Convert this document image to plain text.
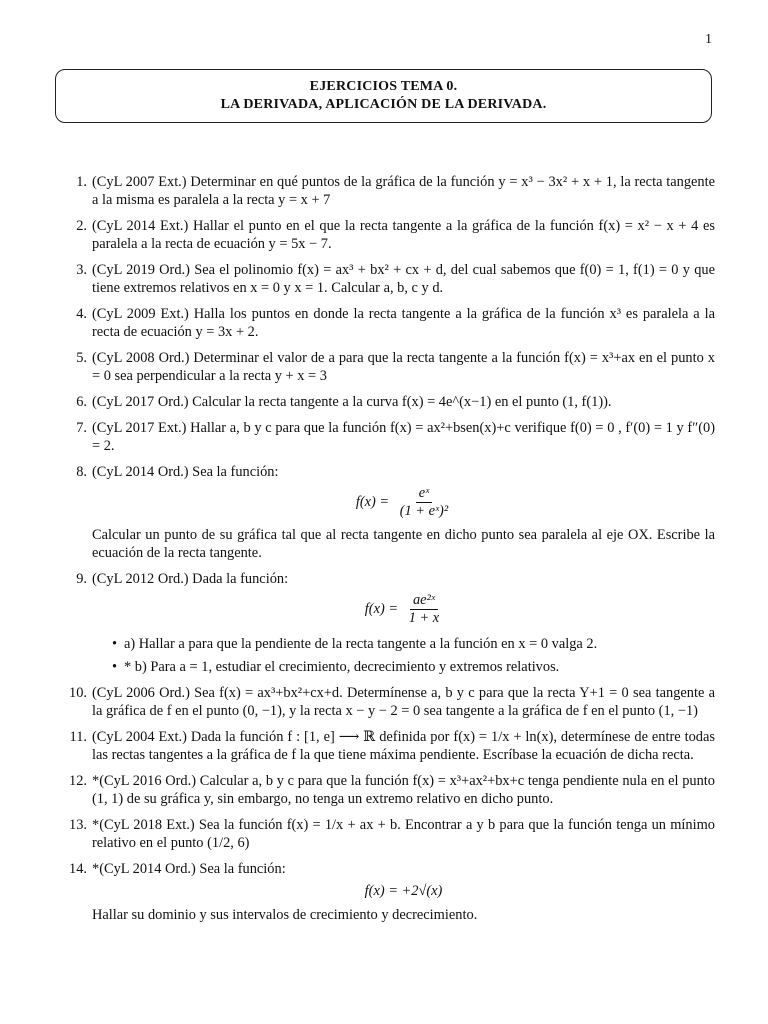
1
EJERCICIOS TEMA 0.
LA DERIVADA, APLICACIÓN DE LA DERIVADA.
1. (CyL 2007 Ext.) Determinar en qué puntos de la gráfica de la función y = x³ − 3x² + x + 1, la recta tangente a la misma es paralela a la recta y = x + 7
2. (CyL 2014 Ext.) Hallar el punto en el que la recta tangente a la gráfica de la función f(x) = x² − x + 4 es paralela a la recta de ecuación y = 5x − 7.
3. (CyL 2019 Ord.) Sea el polinomio f(x) = ax³ + bx² + cx + d, del cual sabemos que f(0) = 1, f(1) = 0 y que tiene extremos relativos en x = 0 y x = 1. Calcular a, b, c y d.
4. (CyL 2009 Ext.) Halla los puntos en donde la recta tangente a la gráfica de la función x³ es paralela a la recta de ecuación y = 3x + 2.
5. (CyL 2008 Ord.) Determinar el valor de a para que la recta tangente a la función f(x) = x³+ax en el punto x = 0 sea perpendicular a la recta y + x = 3
6. (CyL 2017 Ord.) Calcular la recta tangente a la curva f(x) = 4e^(x−1) en el punto (1, f(1)).
7. (CyL 2017 Ext.) Hallar a, b y c para que la función f(x) = ax²+bsen(x)+c verifique f(0) = 0 , f′(0) = 1 y f″(0) = 2.
8. (CyL 2014 Ord.) Sea la función:
$f(x) = \frac{\text{eˣ}}{\text{(1 + eˣ)²}}$
Calcular un punto de su gráfica tal que al recta tangente en dicho punto sea paralela al eje OX. Escribe la ecuación de la recta tangente.
9. (CyL 2012 Ord.) Dada la función:
$f(x) = \frac{\text{ae²ˣ}}{1 + x}$
• a) Hallar a para que la pendiente de la recta tangente a la función en x = 0 valga 2.
• * b) Para a = 1, estudiar el crecimiento, decrecimiento y extremos relativos.
10. (CyL 2006 Ord.) Sea f(x) = ax³+bx²+cx+d. Determínense a, b y c para que la recta Y+1 = 0 sea tangente a la gráfica de f en el punto (0, −1), y la recta x − y − 2 = 0 sea tangente a la gráfica de f en el punto (1, −1)
11. (CyL 2004 Ext.) Dada la función f : [1, e] ⟶ ℝ definida por f(x) = 1/x + ln(x), determínese de entre todas las rectas tangentes a la gráfica de f la que tiene máxima pendiente. Escríbase la ecuación de dicha recta.
12. *(CyL 2016 Ord.) Calcular a, b y c para que la función f(x) = x³+ax²+bx+c tenga pendiente nula en el punto (1, 1) de su gráfica y, sin embargo, no tenga un extremo relativo en dicho punto.
13. *(CyL 2018 Ext.) Sea la función f(x) = 1/x + ax + b. Encontrar a y b para que la función tenga un mínimo relativo en el punto (1/2, 6)
14. *(CyL 2014 Ord.) Sea la función:
f(x) = +2√(x)
Hallar su dominio y sus intervalos de crecimiento y decrecimiento.
